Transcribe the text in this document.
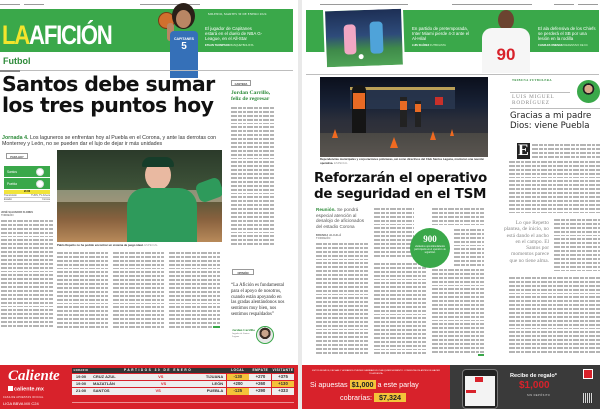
LAAFICIÓN
MILENIO, MARTES 30 DE ENERO 2024
El jugador de Capitanes estará en el duelo de NBA G-League, en el All-Star
ETHAN THOMPSON BASQUETBOLISTA
CAPITANES
5
Futbol
Santos debe sumar los tres puntos hoy

Jornada 4. Los laguneros se enfrentan hoy al Puebla en el Corona, y ante las derrotas con Monterrey y León, no se pueden dar el lujo de dejar ir más unidades

PARA HOY
Santos
Puebla
21:00
Transmisión	TUDN, TV Azteca
Estadio	Corona
JOSÉ SALVADOR FLORES
TORREÓN
Pablo Repetto no ha podido encontrar un sistema de juego ideal. ESPECIAL
CANTERA
Jordan Carrillo, feliz de regresar
OPINIÓN
“La Afición es fundamental para el apoyo de nosotros, cuando están apoyando en las gradas alentándonos nos sentimos muy bien, nos sentimos respaldados”
Jordan Carrillo
Jugador de Santos Laguna
Caliente
caliente.mx
CASA DE APUESTAS OFICIAL
LIGA BBVA MX C24
HORARIO	PARTIDOS 30 DE ENERO	LOCAL	EMPATE	VISITANTE
19:00	CRUZ AZUL	VS	TIJUANA	-130	+270	+375
19:00	MAZATLÁN	VS	LEÓN	+200	+260	+130
21:00	SANTOS	VS	PUEBLA	-125	+290	+333
En partido de pretemporada, Inter Miami pierde 4-3 ante el Al-Hilal
LUIS SUÁREZ FUTBOLISTA	90
El ala defensiva de los Chiefs se perderá el SB por una lesión en la rodilla
CHARLES OMENIHU DEFENSIVO DE KC
Dependencias municipales y corporaciones policiacas, así como directivos del Club Santos Laguna, montaron una reunión operativa. ESPECIAL
Reforzarán el operativo de seguridad en el TSM

Reunión. Se pondrá especial atención al desalojo de aficionados del estadio Corona

BRENDA ALCALÁ
TORREÓN	900
elementos aproximadamente participarán en el operativo de seguridad.
TRIBUNA FUTBOLERA
LUIS MIGUEL
RODRÍGUEZ
Gracias a mi padre Dios: viene Puebla
E
Lo que Repetto plantea, de inicio, no está dando el ancho en el campo. El Santos por momentos parece que no tiene alma.
ESTOS MOMIOS, FECHAS Y HORARIOS PUEDEN CAMBIAR EN CUALQUIER MOMENTO. CONSÚLTALOS ANTES DE HACER TU APUESTA.
Si apuestas $1,000 a este parlay
cobrarías: $7,324
Recibe de regalo*
$1,000
SIN DEPÓSITO
